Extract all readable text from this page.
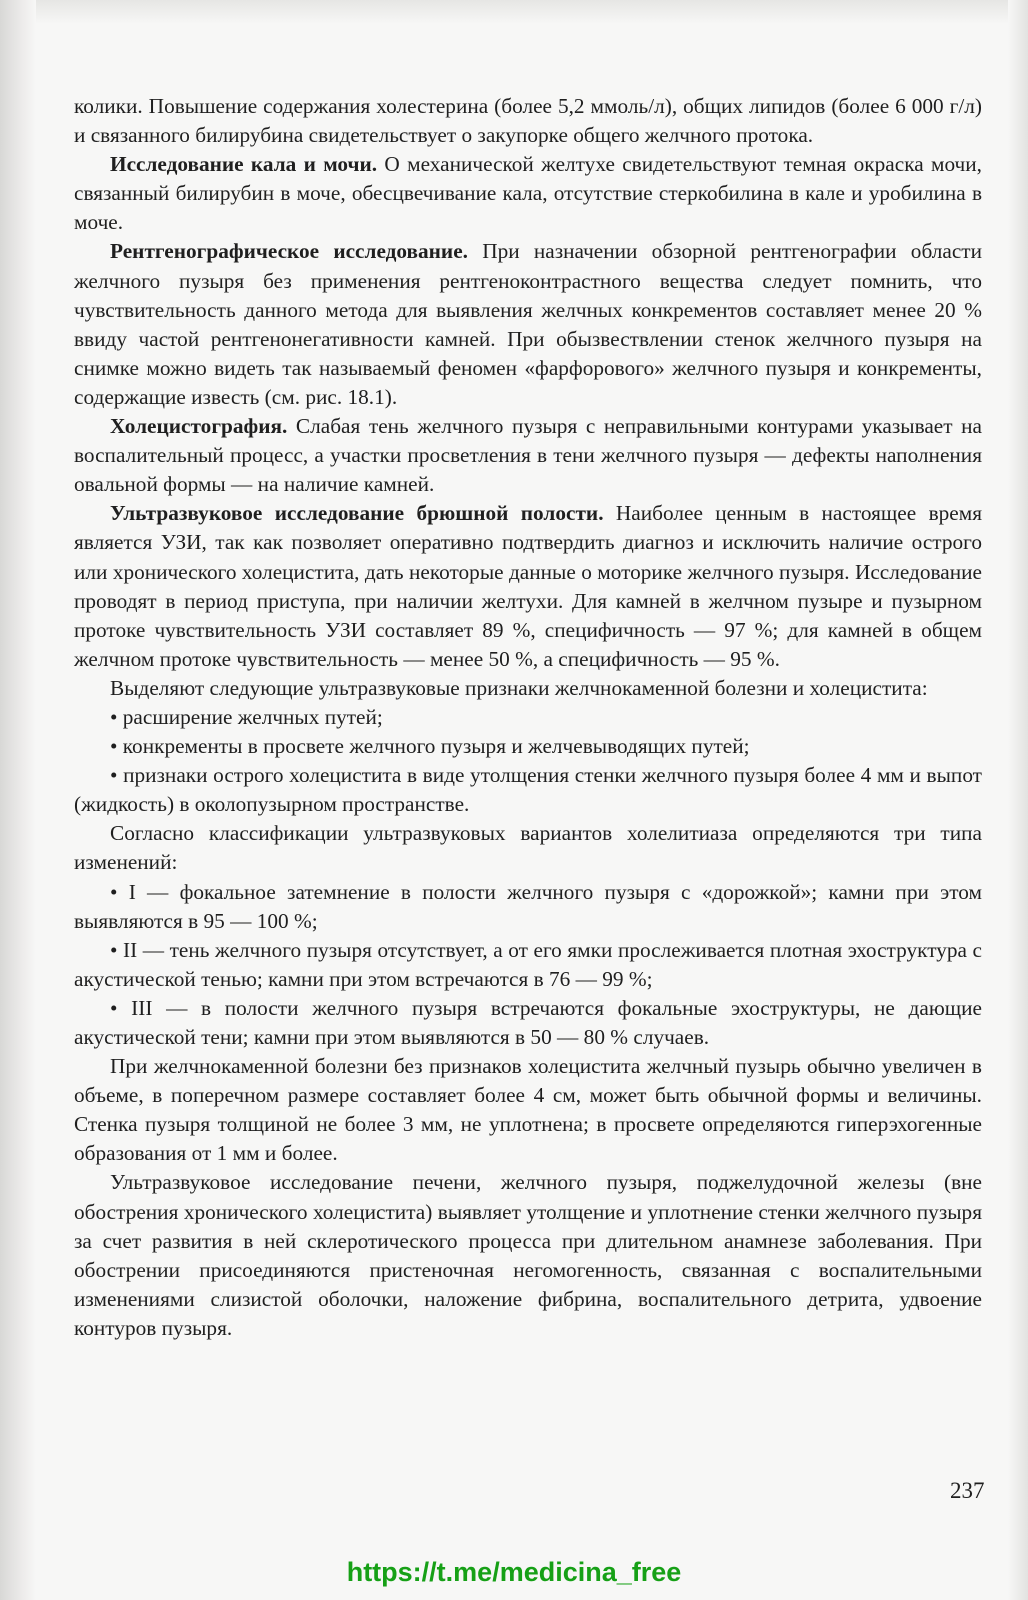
колики. Повышение содержания холестерина (более 5,2 ммоль/л), общих липидов (более 6 000 г/л) и связанного билирубина свидетельствует о закупорке общего желчного протока.

Исследование кала и мочи. О механической желтухе свидетельствуют темная окраска мочи, связанный билирубин в моче, обесцвечивание кала, отсутствие стеркобилина в кале и уробилина в моче.

Рентгенографическое исследование. При назначении обзорной рентгенографии области желчного пузыря без применения рентгеноконтрастного вещества следует помнить, что чувствительность данного метода для выявления желчных конкрементов составляет менее 20 % ввиду частой рентгенонегативности камней. При обызвествлении стенок желчного пузыря на снимке можно видеть так называемый феномен «фарфорового» желчного пузыря и конкременты, содержащие известь (см. рис. 18.1).

Холецистография. Слабая тень желчного пузыря с неправильными контурами указывает на воспалительный процесс, а участки просветления в тени желчного пузыря — дефекты наполнения овальной формы — на наличие камней.

Ультразвуковое исследование брюшной полости. Наиболее ценным в настоящее время является УЗИ, так как позволяет оперативно подтвердить диагноз и исключить наличие острого или хронического холецистита, дать некоторые данные о моторике желчного пузыря. Исследование проводят в период приступа, при наличии желтухи. Для камней в желчном пузыре и пузырном протоке чувствительность УЗИ составляет 89 %, специфичность — 97 %; для камней в общем желчном протоке чувствительность — менее 50 %, а специфичность — 95 %.

Выделяют следующие ультразвуковые признаки желчнокаменной болезни и холецистита:

• расширение желчных путей;

• конкременты в просвете желчного пузыря и желчевыводящих путей;

• признаки острого холецистита в виде утолщения стенки желчного пузыря более 4 мм и выпот (жидкость) в околопузырном пространстве.

Согласно классификации ультразвуковых вариантов холелитиаза определяются три типа изменений:

• I — фокальное затемнение в полости желчного пузыря с «дорожкой»; камни при этом выявляются в 95 — 100 %;

• II — тень желчного пузыря отсутствует, а от его ямки прослеживается плотная эхоструктура с акустической тенью; камни при этом встречаются в 76 — 99 %;

• III — в полости желчного пузыря встречаются фокальные эхоструктуры, не дающие акустической тени; камни при этом выявляются в 50 — 80 % случаев.

При желчнокаменной болезни без признаков холецистита желчный пузырь обычно увеличен в объеме, в поперечном размере составляет более 4 см, может быть обычной формы и величины. Стенка пузыря толщиной не более 3 мм, не уплотнена; в просвете определяются гиперэхогенные образования от 1 мм и более.

Ультразвуковое исследование печени, желчного пузыря, поджелудочной железы (вне обострения хронического холецистита) выявляет утолщение и уплотнение стенки желчного пузыря за счет развития в ней склеротического процесса при длительном анамнезе заболевания. При обострении присоединяются пристеночная негомогенность, связанная с воспалительными изменениями слизистой оболочки, наложение фибрина, воспалительного детрита, удвоение контуров пузыря.

237
https://t.me/medicina_free
